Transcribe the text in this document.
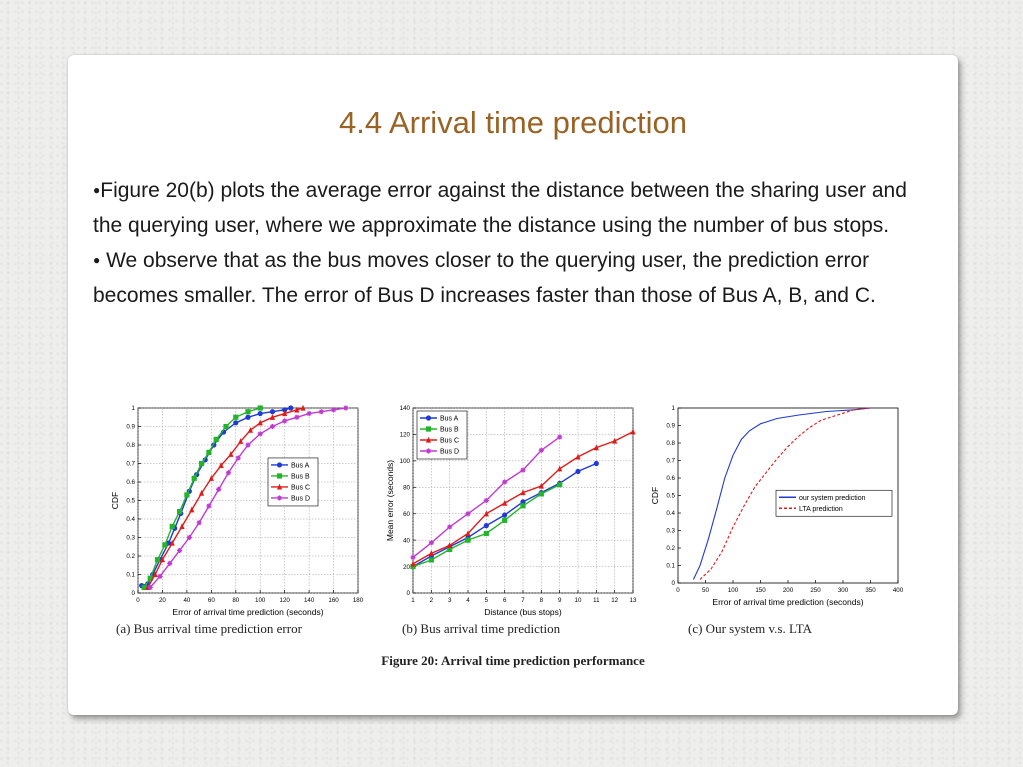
4.4 Arrival time prediction
●Figure 20(b) plots the average error against the distance between the sharing user and the querying user, where we approximate the distance using the number of bus stops.
● We observe that as the bus moves closer to the querying user, the prediction error becomes smaller. The error of Bus D increases faster than those of Bus A, B, and C.
0	20	40	60	80	100 120 140 160 180
0
0.1
0.2
0.3
0.4
0.5
0.6
0.7
0.8
0.9
1
Error of arrival time prediction (seconds)
CDF
Bus A
Bus B
Bus C
Bus D
1 2 3 4 5 6 7 8 9 10 11 12 13
0
20
40
60
80
100
120
140
Distance (bus stops)
Mean error (seconds)
Bus A
Bus B
Bus C
Bus D
0	50	100	150	200	250	300	350	400
0
0.1
0.2
0.3
0.4
0.5
0.6
0.7
0.8
0.9
1
Error of arrival time prediction (seconds)
CDF	our system prediction
LTA prediction
(a) Bus arrival time prediction error	(b) Bus arrival time prediction	(c) Our system v.s. LTA
Figure 20: Arrival time prediction performance
